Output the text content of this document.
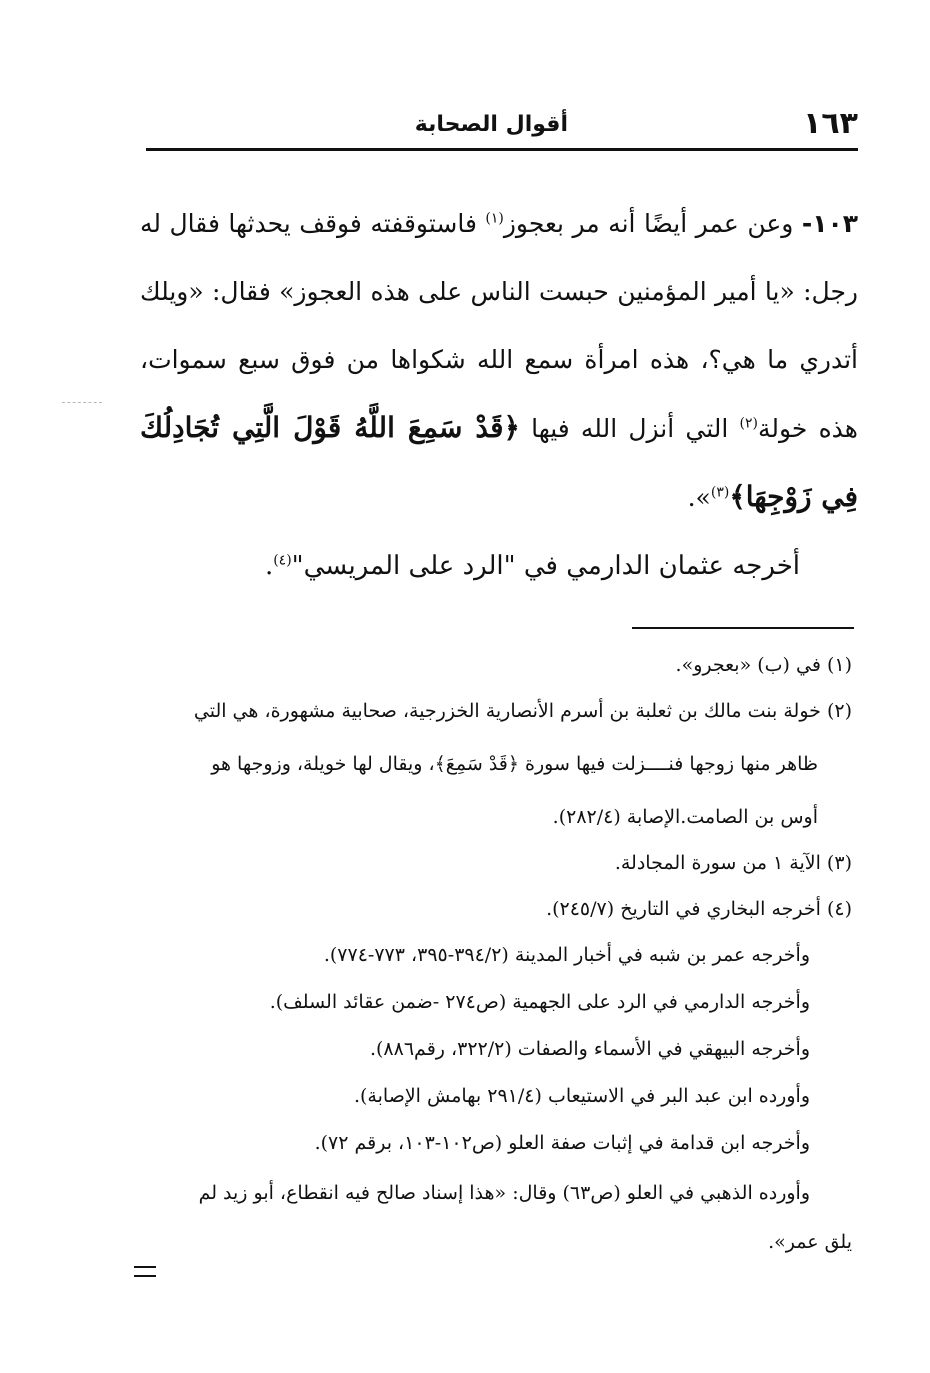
١٦٣
أقوال الصحابة

١٠٣- وعن عمر أيضًا أنه مر بعجوز$^{(١)}$ فاستوقفته فوقف يحدثها فقال له رجل: «يا أمير المؤمنين حبست الناس على هذه العجوز» فقال: «ويلك أتدري ما هي؟، هذه امرأة سمع الله شكواها من فوق سبع سموات، هذه خولة$^{(٢)}$ التي أنزل الله فيها ﴿قَدْ سَمِعَ اللَّهُ قَوْلَ الَّتِي تُجَادِلُكَ فِي زَوْجِهَا﴾$^{(٣)}$».

أخرجه عثمان الدارمي في "الرد على المريسي"$^{(٤)}$.

(١) في (ب) «بعجرو».

(٢) خولة بنت مالك بن ثعلبة بن أسرم الأنصارية الخزرجية، صحابية مشهورة، هي التي

ظاهر منها زوجها فنــــزلت فيها سورة ﴿قَدْ سَمِعَ﴾، ويقال لها خويلة، وزوجها هو

أوس بن الصامت.الإصابة (٢٨٢/٤).

(٣) الآية ١ من سورة المجادلة.

(٤) أخرجه البخاري في التاريخ (٢٤٥/٧).

وأخرجه عمر بن شبه في أخبار المدينة (٣٩٤/٢-٣٩٥، ٧٧٣-٧٧٤).

وأخرجه الدارمي في الرد على الجهمية (ص٢٧٤ -ضمن عقائد السلف).

وأخرجه البيهقي في الأسماء والصفات (٣٢٢/٢، رقم٨٨٦).

وأورده ابن عبد البر في الاستيعاب (٢٩١/٤ بهامش الإصابة).

وأخرجه ابن قدامة في إثبات صفة العلو (ص١٠٢-١٠٣، برقم ٧٢).

وأورده الذهبي في العلو (ص٦٣) وقال: «هذا إسناد صالح فيه انقطاع، أبو زيد لم

يلق عمر».
